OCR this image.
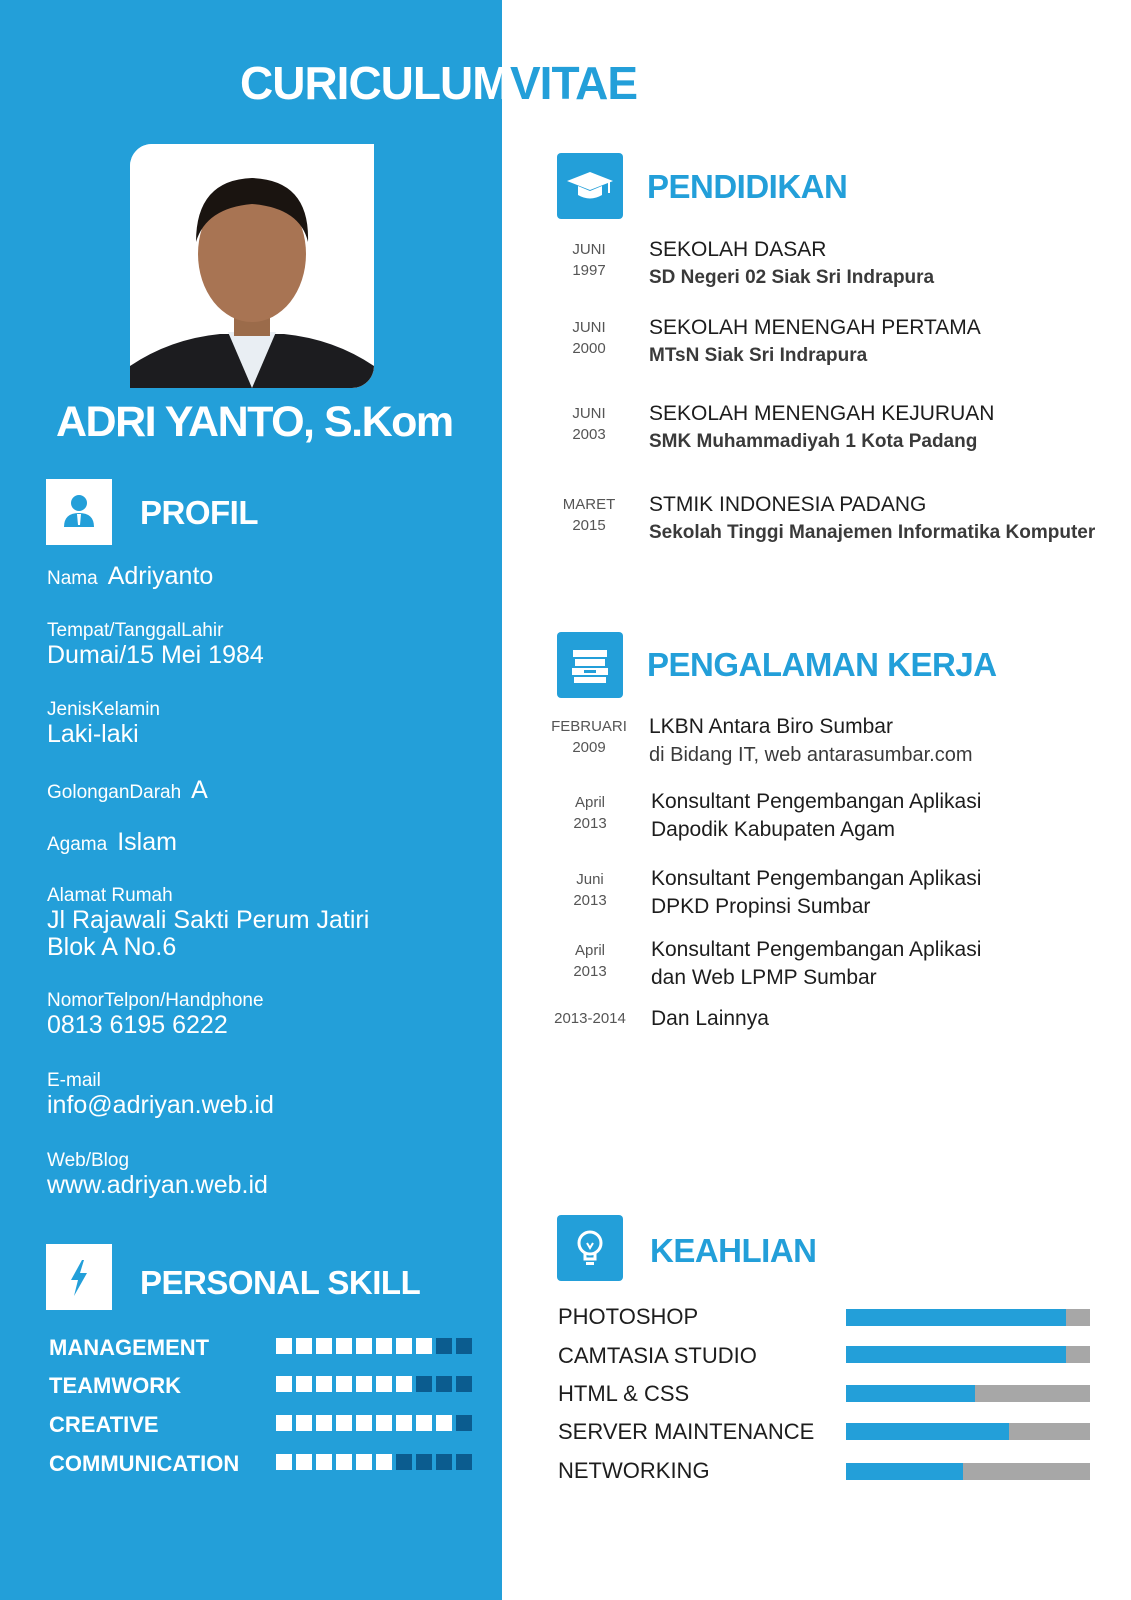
CURICULUM VITAE
ADRI YANTO, S.Kom
PROFIL
Nama Adriyanto
Tempat/TanggalLahir
Dumai/15 Mei 1984
JenisKelamin
Laki-laki
GolonganDarah A
Agama Islam
Alamat Rumah
Jl Rajawali Sakti Perum Jatiri
Blok A No.6
NomorTelpon/Handphone
0813 6195 6222
E-mail
info@adriyan.web.id
Web/Blog
www.adriyan.web.id
PERSONAL SKILL
MANAGEMENT
TEAMWORK
CREATIVE
COMMUNICATION
PENDIDIKAN
JUNI
1997
SEKOLAH DASAR
SD Negeri 02 Siak Sri Indrapura
JUNI
2000
SEKOLAH MENENGAH PERTAMA
MTsN Siak Sri Indrapura
JUNI
2003
SEKOLAH MENENGAH KEJURUAN
SMK Muhammadiyah 1 Kota Padang
MARET
2015
STMIK INDONESIA PADANG
Sekolah Tinggi Manajemen Informatika Komputer
PENGALAMAN KERJA
FEBRUARI
2009
LKBN Antara Biro Sumbar
di Bidang IT, web antarasumbar.com
April
2013
Konsultant Pengembangan Aplikasi
Dapodik Kabupaten Agam
Juni
2013
Konsultant Pengembangan Aplikasi
DPKD Propinsi Sumbar
April
2013
Konsultant Pengembangan Aplikasi
dan Web LPMP Sumbar
2013-2014	Dan Lainnya
KEAHLIAN
PHOTOSHOP
CAMTASIA STUDIO
HTML & CSS
SERVER MAINTENANCE
NETWORKING
